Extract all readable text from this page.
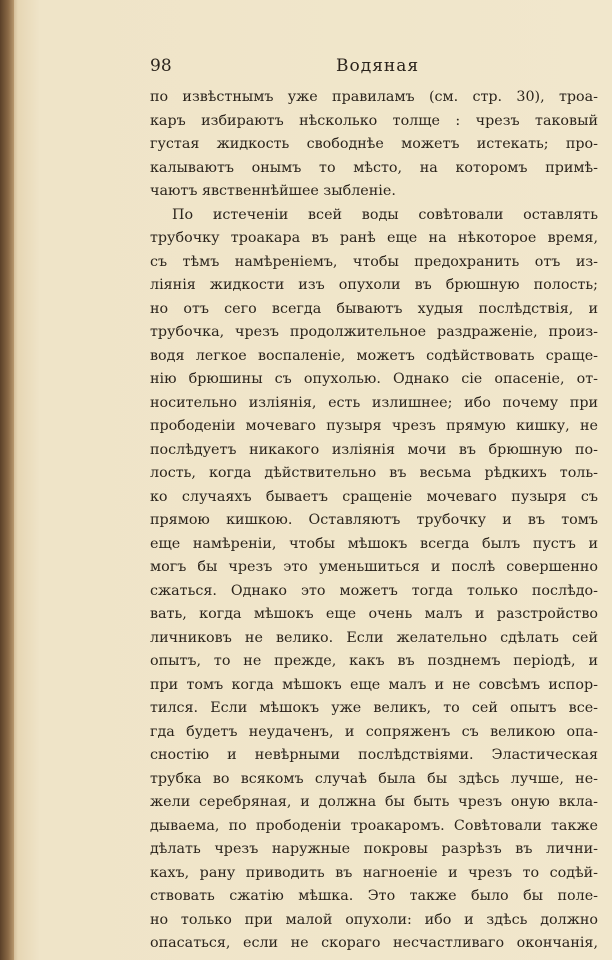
98	Водяная
по извѣстнымъ уже правиламъ (см. стр. 30), троа-
каръ избираютъ нѣсколько толще : чрезъ таковый
густая жидкость свободнѣе можетъ истекать; про-
калываютъ онымъ то мѣсто, на которомъ примѣ-
чаютъ явственнѣйшее зыбленіе.
По истеченіи всей воды совѣтовали оставлять
трубочку троакара въ ранѣ еще на нѣкоторое время,
съ тѣмъ намѣреніемъ, чтобы предохранить отъ из-
лiянія жидкости изъ опухоли въ брюшную полость;
но отъ сего всегда бываютъ худыя послѣдствія, и
трубочка, чрезъ продолжительное раздраженіе, произ-
водя легкое воспаленіе, можетъ содѣйствовать сраще-
нію брюшины съ опухолью. Однако сіе опасеніе, от-
носительно излiянія, есть излишнее; ибо почему при
прободеніи мочеваго пузыря чрезъ прямую кишку, не
послѣдуетъ никакого излiянія мочи въ брюшную по-
лость, когда дѣйствительно въ весьма рѣдкихъ толь-
ко случаяхъ бываетъ сращеніе мочеваго пузыря съ
прямою кишкою. Оставляютъ трубочку и въ томъ
еще намѣреніи, чтобы мѣшокъ всегда былъ пустъ и
могъ бы чрезъ это уменьшиться и послѣ совершенно
сжаться. Однако это можетъ тогда только послѣдо-
вать, когда мѣшокъ еще очень малъ и разстройство
личниковъ не велико. Если желательно сдѣлать сей
опытъ, то не прежде, какъ въ позднемъ періодѣ, и
при томъ когда мѣшокъ еще малъ и не совсѣмъ испор-
тился. Если мѣшокъ уже великъ, то сей опытъ все-
гда будетъ неудаченъ, и сопряженъ съ великою опа-
сностію и невѣрными послѣдствіями. Эластическая
трубка во всякомъ случаѣ была бы здѣсь лучше, не-
жели серебряная, и должна бы быть чрезъ оную вкла-
дываема, по прободеніи троакаромъ. Совѣтовали также
дѣлать чрезъ наружные покровы разрѣзъ въ лични-
кахъ, рану приводить въ нагноеніе и чрезъ то содѣй-
ствовать сжатію мѣшка. Это также было бы поле-
но только при малой опухоли: ибо и здѣсь должно
опасаться, если не скораго несчастливаго окончанія,
